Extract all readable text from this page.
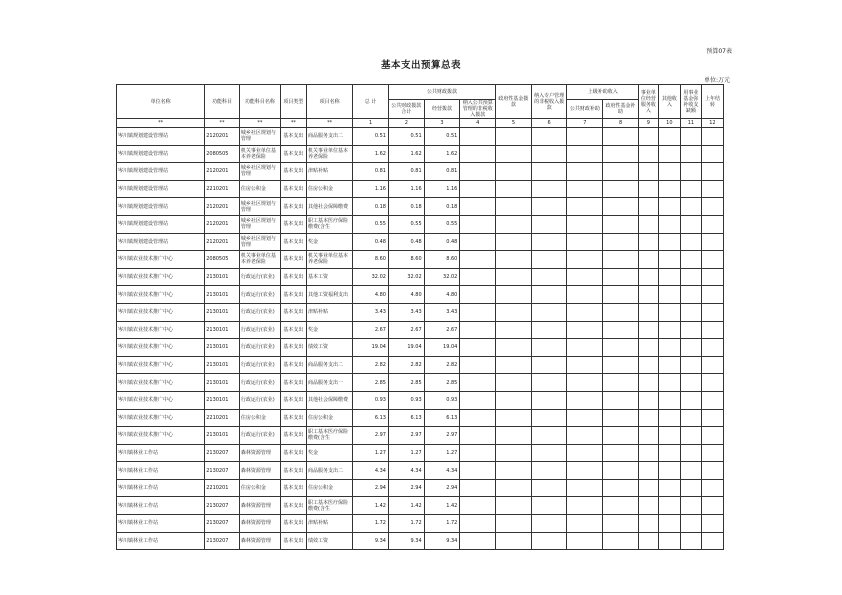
预算07表
基本支出预算总表
单位:万元
单位名称	功能科目	功能科目名称	项目类型	项目名称	总 计	公共财政拨款			政府性基金拨款	纳入专户管理的非税收入拨款	上级补助收入		事业单位经营服务收入	其他收入	用事业基金弥补收支缺额	上年结转
						公共财政拨款合计	经营拨款	纳入公共预算管理的非税收入拨款								
											公共财政补助	政府性基金补助				
**	**	**	**	**	1	2	3	4	5	6	7	8	9	10	11	12
岑川镇规划建设管理站	2120201	城乡社区规划与管理	基本支出	商品服务支出二	0.51	0.51	0.51									
岑川镇规划建设管理站	2080505	机关事业单位基本养老保险	基本支出	机关事业单位基本养老保险	1.62	1.62	1.62									
岑川镇规划建设管理站	2120201	城乡社区规划与管理	基本支出	津贴补贴	0.81	0.81	0.81									
岑川镇规划建设管理站	2210201	住房公积金	基本支出	住房公积金	1.16	1.16	1.16									
岑川镇规划建设管理站	2120201	城乡社区规划与管理	基本支出	其他社会保障缴费	0.18	0.18	0.18									
岑川镇规划建设管理站	2120201	城乡社区规划与管理	基本支出	职工基本医疗保险缴费(含生	0.55	0.55	0.55									
岑川镇规划建设管理站	2120201	城乡社区规划与管理	基本支出	奖金	0.48	0.48	0.48									
岑川镇农业技术推广中心	2080505	机关事业单位基本养老保险	基本支出	机关事业单位基本养老保险	8.60	8.60	8.60									
岑川镇农业技术推广中心	2130101	行政运行(农业)	基本支出	基本工资	32.02	32.02	32.02									
岑川镇农业技术推广中心	2130101	行政运行(农业)	基本支出	其他工资福利支出	4.80	4.80	4.80									
岑川镇农业技术推广中心	2130101	行政运行(农业)	基本支出	津贴补贴	3.43	3.43	3.43									
岑川镇农业技术推广中心	2130101	行政运行(农业)	基本支出	奖金	2.67	2.67	2.67									
岑川镇农业技术推广中心	2130101	行政运行(农业)	基本支出	绩效工资	19.04	19.04	19.04									
岑川镇农业技术推广中心	2130101	行政运行(农业)	基本支出	商品服务支出二	2.82	2.82	2.82									
岑川镇农业技术推广中心	2130101	行政运行(农业)	基本支出	商品服务支出一	2.85	2.85	2.85									
岑川镇农业技术推广中心	2130101	行政运行(农业)	基本支出	其他社会保障缴费	0.93	0.93	0.93									
岑川镇农业技术推广中心	2210201	住房公积金	基本支出	住房公积金	6.13	6.13	6.13									
岑川镇农业技术推广中心	2130101	行政运行(农业)	基本支出	职工基本医疗保险缴费(含生	2.97	2.97	2.97									
岑川镇林业工作站	2130207	森林资源管理	基本支出	奖金	1.27	1.27	1.27									
岑川镇林业工作站	2130207	森林资源管理	基本支出	商品服务支出二	4.34	4.34	4.34									
岑川镇林业工作站	2210201	住房公积金	基本支出	住房公积金	2.94	2.94	2.94									
岑川镇林业工作站	2130207	森林资源管理	基本支出	职工基本医疗保险缴费(含生	1.42	1.42	1.42									
岑川镇林业工作站	2130207	森林资源管理	基本支出	津贴补贴	1.72	1.72	1.72									
岑川镇林业工作站	2130207	森林资源管理	基本支出	绩效工资	9.34	9.34	9.34									
